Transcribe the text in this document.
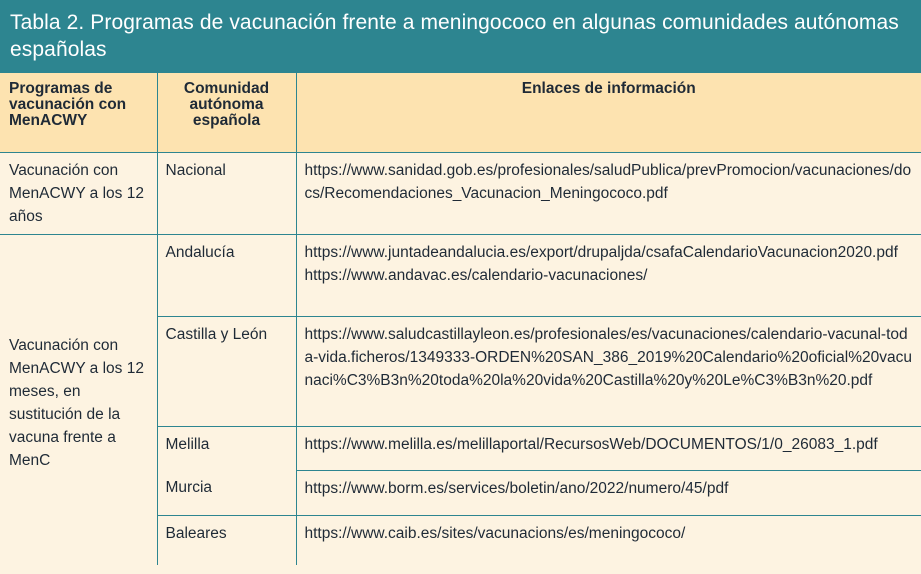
Tabla 2. Programas de vacunación frente a meningococo en algunas comunidades autónomas españolas
Programas de vacunación con MenACWY	Comunidad autónoma española	Enlaces de información
Vacunación con MenACWY a los 12 años	Nacional	https://www.sanidad.gob.es/profesionales/saludPublica/prevPromocion/vacunaciones/docs/Recomendaciones_Vacunacion_Meningococo.pdf

Vacunación con MenACWY a los 12 meses, en sustitución de la vacuna frente a MenC	Andalucía	https://www.juntadeandalucia.es/export/drupaljda/csafaCalendarioVacunacion2020.pdf
https://www.andavac.es/calendario-vacunaciones/

	Castilla y León	https://www.saludcastillayleon.es/profesionales/es/vacunaciones/calendario-vacunal-toda-vida.ficheros/1349333-ORDEN%20SAN_386_2019%20Calendario%20oficial%20vacunaci%C3%B3n%20toda%20la%20vida%20Castilla%20y%20Le%C3%B3n%20.pdf

	Melilla	https://www.melilla.es/melillaportal/RecursosWeb/DOCUMENTOS/1/0_26083_1.pdf

	Murcia	https://www.borm.es/services/boletin/ano/2022/numero/45/pdf

	Baleares	https://www.caib.es/sites/vacunacions/es/meningococo/
